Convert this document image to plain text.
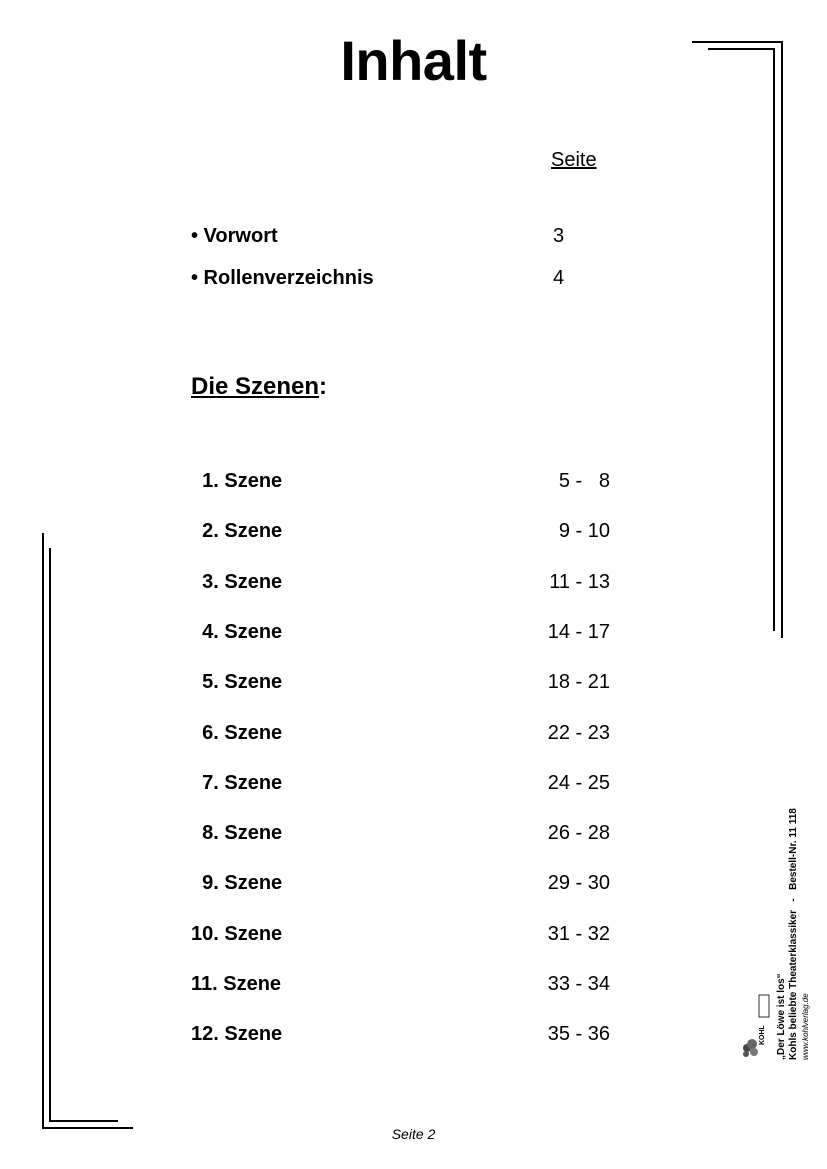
Inhalt
Seite
• Vorwort	3
• Rollenverzeichnis	4
Die Szenen:
1. Szene	5 -   8
2. Szene	9 - 10
3. Szene	11 - 13
4. Szene	14 - 17
5. Szene	18 - 21
6. Szene	22 - 23
7. Szene	24 - 25
8. Szene	26 - 28
9. Szene	29 - 30
10. Szene	31 - 32
11. Szene	33 - 34
12. Szene	35 - 36	KOHL „Der Löwe ist los“ Kohls beliebte Theaterklassiker   -   Bestell-Nr. 11 118
www.kohlverlag.de
Seite 2
